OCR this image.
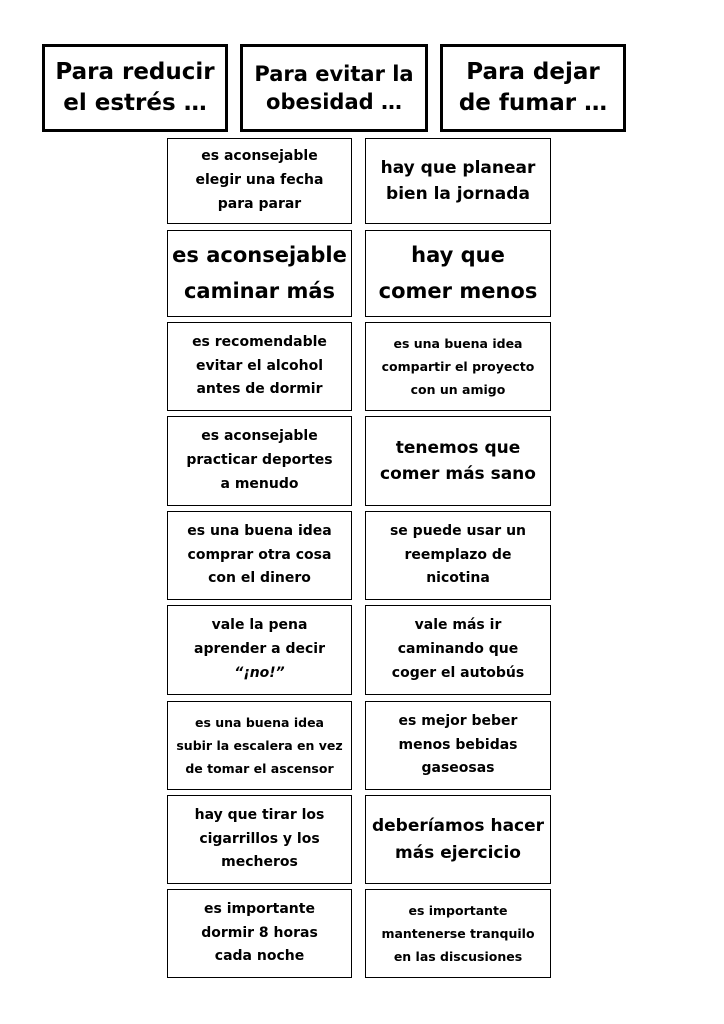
Para reducir
el estrés …
Para evitar la
obesidad …
Para dejar
de fumar …
es aconsejable
elegir una fecha
para parar
es aconsejable
caminar más
es recomendable
evitar el alcohol
antes de dormir
es aconsejable
practicar deportes
a menudo
es una buena idea
comprar otra cosa
con el dinero
vale la pena
aprender a decir
“¡no!”
es una buena idea
subir la escalera en vez
de tomar el ascensor
hay que tirar los
cigarrillos y los
mecheros
es importante
dormir 8 horas
cada noche
hay que planear
bien la jornada
hay que
comer menos
es una buena idea
compartir el proyecto
con un amigo
tenemos que
comer más sano
se puede usar un
reemplazo de
nicotina
vale más ir
caminando que
coger el autobús
es mejor beber
menos bebidas
gaseosas
deberíamos hacer
más ejercicio
es importante
mantenerse tranquilo
en las discusiones
